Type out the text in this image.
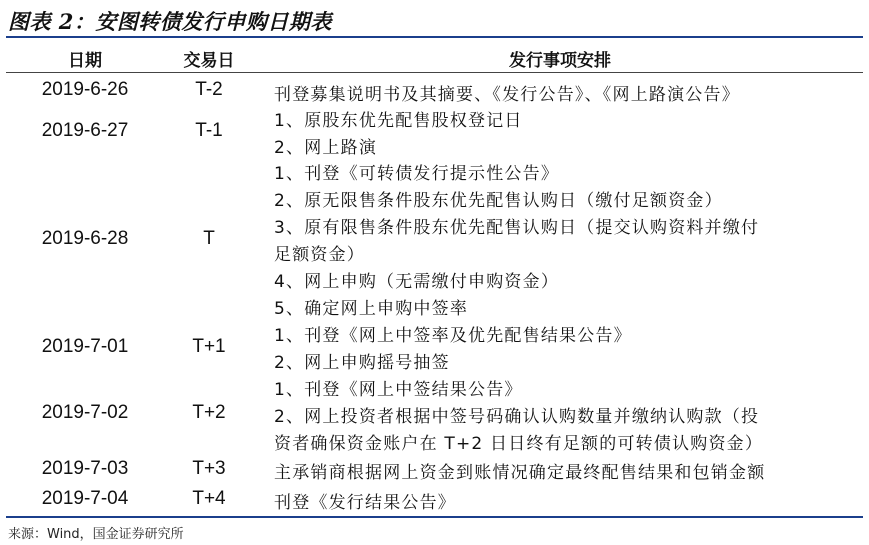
图表 2：安图转债发行申购日期表
日期	交易日	发行事项安排
2019-6-26	T-2	刊登募集说明书及其摘要、《发行公告》、《网上路演公告》
2019-6-27	T-1	1、原股东优先配售股权登记日
2、网上路演
2019-6-28	T
1、刊登《可转债发行提示性公告》
2、原无限售条件股东优先配售认购日（缴付足额资金）
3、原有限售条件股东优先配售认购日（提交认购资料并缴付
足额资金）
4、网上申购（无需缴付申购资金）
5、确定网上申购中签率
2019-7-01	T+1	1、刊登《网上中签率及优先配售结果公告》
2、网上申购摇号抽签
2019-7-02	T+2
1、刊登《网上中签结果公告》
2、网上投资者根据中签号码确认认购数量并缴纳认购款（投
资者确保资金账户在 T+2 日日终有足额的可转债认购资金）
2019-7-03	T+3	主承销商根据网上资金到账情况确定最终配售结果和包销金额
2019-7-04	T+4	刊登《发行结果公告》
来源：Wind，国金证券研究所
